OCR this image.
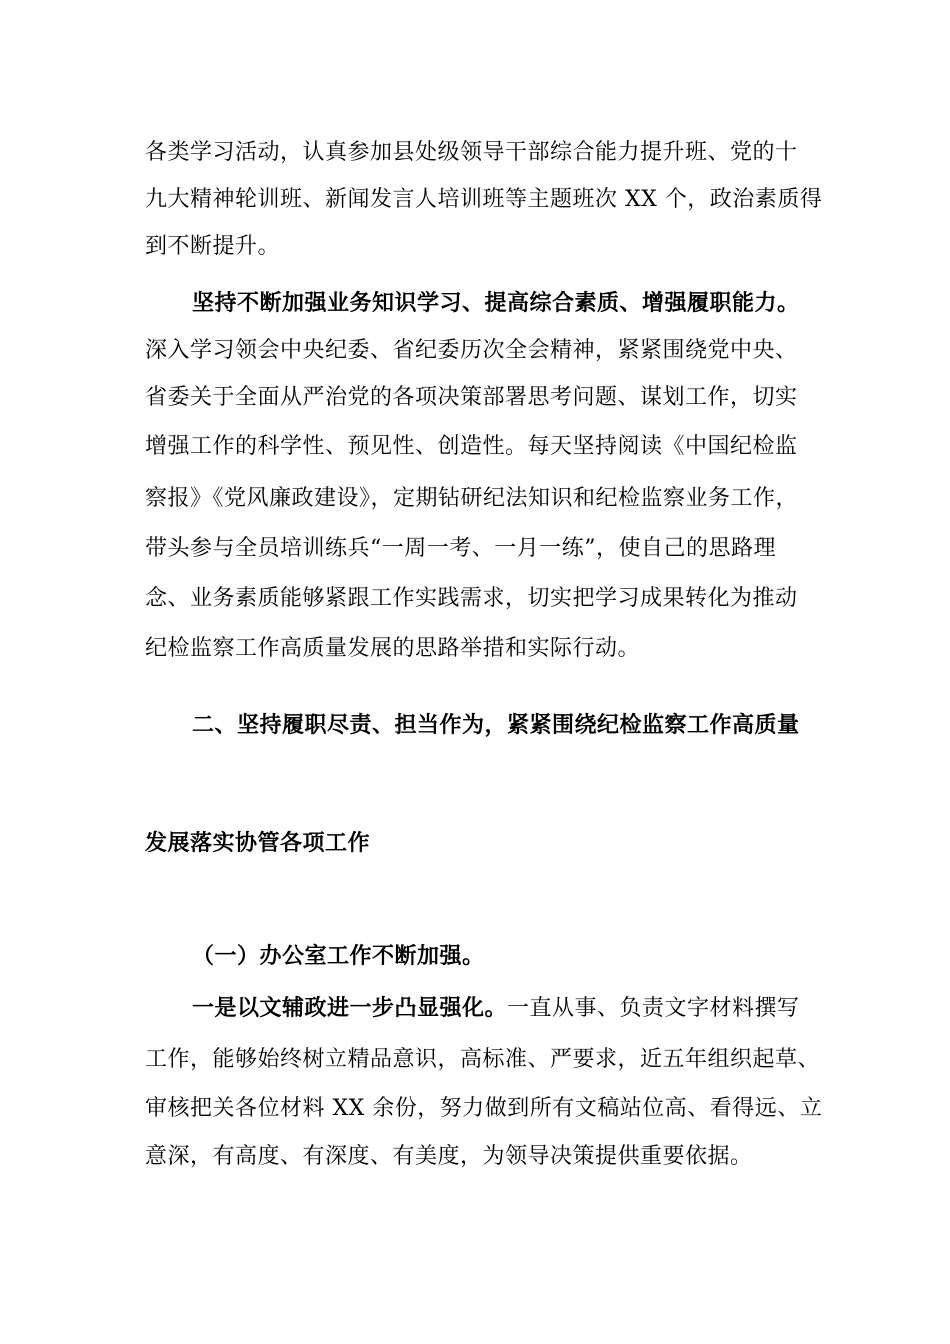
各类学习活动，认真参加县处级领导干部综合能力提升班、党的十
九大精神轮训班、新闻发言人培训班等主题班次 XX 个，政治素质得
到不断提升。
坚持不断加强业务知识学习、提高综合素质、增强履职能力。
深入学习领会中央纪委、省纪委历次全会精神，紧紧围绕党中央、
省委关于全面从严治党的各项决策部署思考问题、谋划工作，切实
增强工作的科学性、预见性、创造性。每天坚持阅读《中国纪检监
察报》《党风廉政建设》，定期钻研纪法知识和纪检监察业务工作，
带头参与全员培训练兵“一周一考、一月一练”，使自己的思路理
念、业务素质能够紧跟工作实践需求，切实把学习成果转化为推动
纪检监察工作高质量发展的思路举措和实际行动。
二、坚持履职尽责、担当作为，紧紧围绕纪检监察工作高质量
发展落实协管各项工作
（一）办公室工作不断加强。
一是以文辅政进一步凸显强化。一直从事、负责文字材料撰写
工作，能够始终树立精品意识，高标准、严要求，近五年组织起草、
审核把关各位材料 XX 余份，努力做到所有文稿站位高、看得远、立
意深，有高度、有深度、有美度，为领导决策提供重要依据。
